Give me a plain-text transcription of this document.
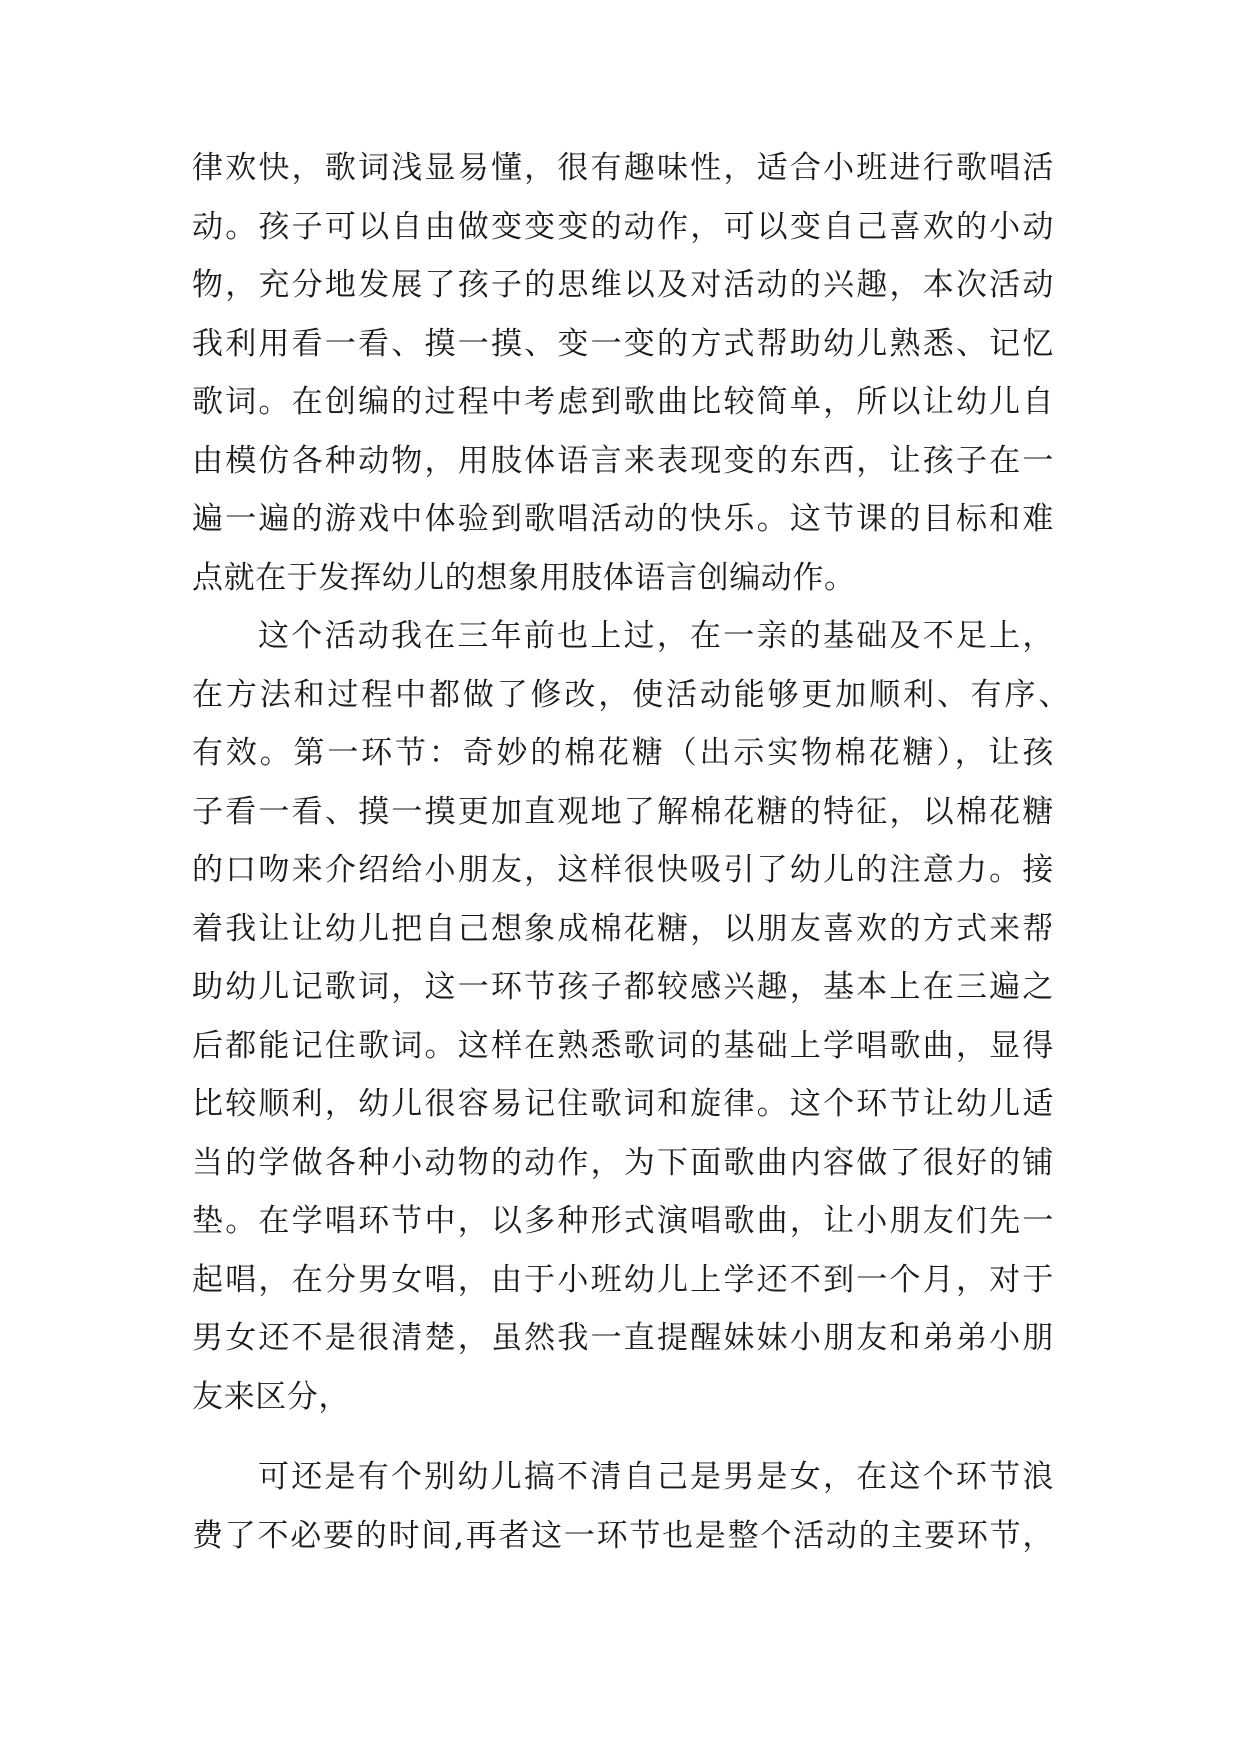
律欢快，歌词浅显易懂，很有趣味性，适合小班进行歌唱活
动。孩子可以自由做变变变的动作，可以变自己喜欢的小动
物，充分地发展了孩子的思维以及对活动的兴趣，本次活动
我利用看一看、摸一摸、变一变的方式帮助幼儿熟悉、记忆
歌词。在创编的过程中考虑到歌曲比较简单，所以让幼儿自
由模仿各种动物，用肢体语言来表现变的东西，让孩子在一
遍一遍的游戏中体验到歌唱活动的快乐。这节课的目标和难
点就在于发挥幼儿的想象用肢体语言创编动作。
这个活动我在三年前也上过，在一亲的基础及不足上，
在方法和过程中都做了修改，使活动能够更加顺利、有序、
有效。第一环节：奇妙的棉花糖（出示实物棉花糖），让孩
子看一看、摸一摸更加直观地了解棉花糖的特征，以棉花糖
的口吻来介绍给小朋友，这样很快吸引了幼儿的注意力。接
着我让让幼儿把自己想象成棉花糖，以朋友喜欢的方式来帮
助幼儿记歌词，这一环节孩子都较感兴趣，基本上在三遍之
后都能记住歌词。这样在熟悉歌词的基础上学唱歌曲，显得
比较顺利，幼儿很容易记住歌词和旋律。这个环节让幼儿适
当的学做各种小动物的动作，为下面歌曲内容做了很好的铺
垫。在学唱环节中，以多种形式演唱歌曲，让小朋友们先一
起唱，在分男女唱，由于小班幼儿上学还不到一个月，对于
男女还不是很清楚，虽然我一直提醒妹妹小朋友和弟弟小朋
友来区分，
可还是有个别幼儿搞不清自己是男是女，在这个环节浪
费了不必要的时间,再者这一环节也是整个活动的主要环节，
